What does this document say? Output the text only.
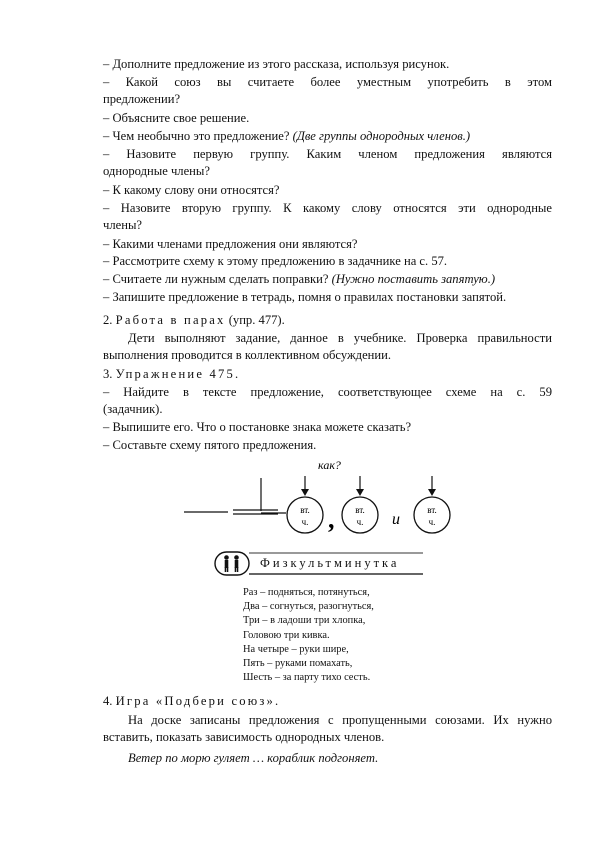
– Дополните предложение из этого рассказа, используя рисунок.

– Какой союз вы считаете более уместным употребить в этом

предложении?

– Объясните свое решение.

– Чем необычно это предложение? (Две группы однородных членов.)

– Назовите первую группу. Каким членом предложения являются

однородные члены?

– К какому слову они относятся?

– Назовите вторую группу. К какому слову относятся эти однородные

члены?

– Какими членами предложения они являются?

– Рассмотрите схему к этому предложению в задачнике на с. 57.

– Считаете ли нужным сделать поправки? (Нужно поставить запятую.)

– Запишите предложение в тетрадь, помня о правилах постановки запятой.

2. Работа в парах (упр. 477).

Дети выполняют задание, данное в учебнике. Проверка правильности

выполнения проводится в коллективном обсуждении.

3. Упражнение 475.

– Найдите в тексте предложение, соответствующее схеме на с. 59

(задачник).

– Выпишите его. Что о постановке знака можете сказать?

– Составьте схему пятого предложения.

как?
вт.
ч. , вт.
ч. и
вт.
ч.
Физкультминутка
Раз – подняться, потянуться,
Два – согнуться, разогнуться,
Три – в ладоши три хлопка,
Головою три кивка.
На четыре – руки шире,
Пять – руками помахать,
Шесть – за парту тихо сесть.

4. Игра «Подбери союз».

На доске записаны предложения с пропущенными союзами. Их нужно

вставить, показать зависимость однородных членов.

Ветер по морю гуляет … кораблик подгоняет.
